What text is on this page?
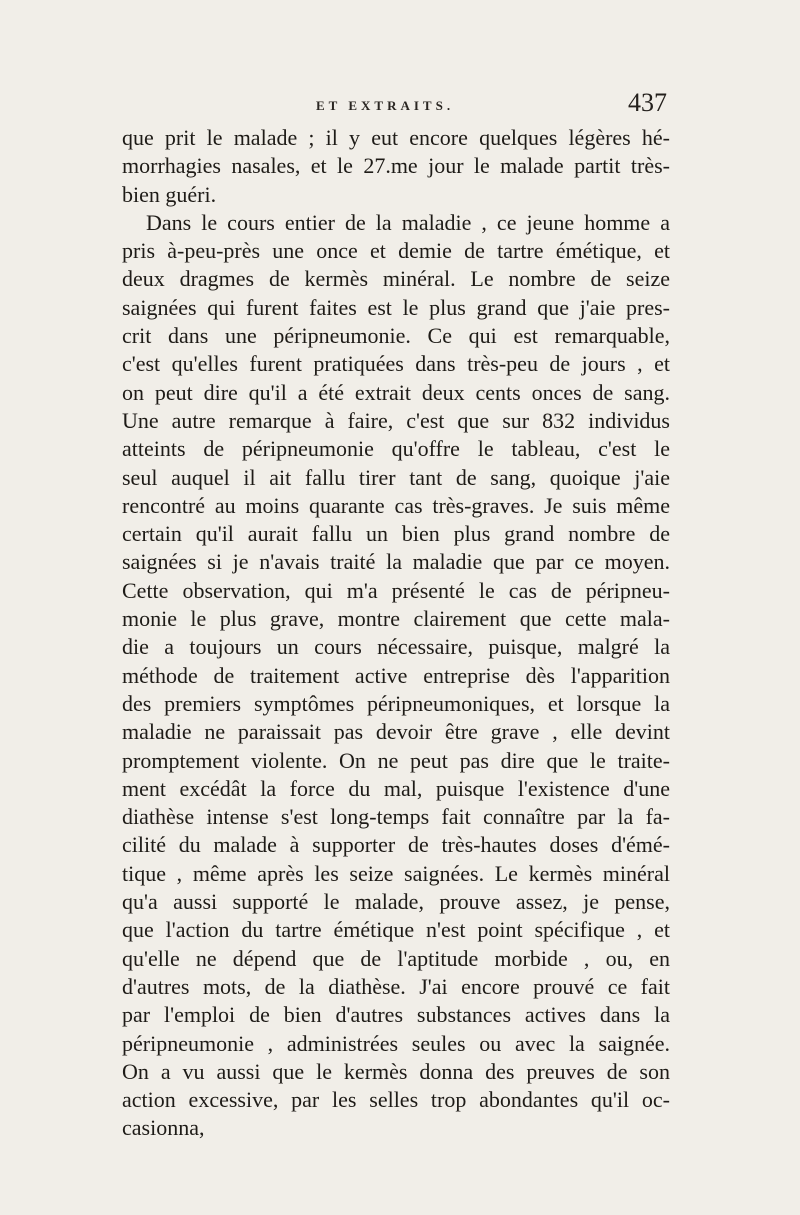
ET EXTRAITS.	437
que prit le malade ; il y eut encore quelques légères hé-
morrhagies nasales, et le 27.me jour le malade partit très-
bien guéri.
Dans le cours entier de la maladie , ce jeune homme a
pris à-peu-près une once et demie de tartre émétique, et
deux dragmes de kermès minéral. Le nombre de seize
saignées qui furent faites est le plus grand que j'aie pres-
crit dans une péripneumonie. Ce qui est remarquable,
c'est qu'elles furent pratiquées dans très-peu de jours , et
on peut dire qu'il a été extrait deux cents onces de sang.
Une autre remarque à faire, c'est que sur 832 individus
atteints de péripneumonie qu'offre le tableau, c'est le
seul auquel il ait fallu tirer tant de sang, quoique j'aie
rencontré au moins quarante cas très-graves. Je suis même
certain qu'il aurait fallu un bien plus grand nombre de
saignées si je n'avais traité la maladie que par ce moyen.
Cette observation, qui m'a présenté le cas de péripneu-
monie le plus grave, montre clairement que cette mala-
die a toujours un cours nécessaire, puisque, malgré la
méthode de traitement active entreprise dès l'apparition
des premiers symptômes péripneumoniques, et lorsque la
maladie ne paraissait pas devoir être grave , elle devint
promptement violente. On ne peut pas dire que le traite-
ment excédât la force du mal, puisque l'existence d'une
diathèse intense s'est long-temps fait connaître par la fa-
cilité du malade à supporter de très-hautes doses d'émé-
tique , même après les seize saignées. Le kermès minéral
qu'a aussi supporté le malade, prouve assez, je pense,
que l'action du tartre émétique n'est point spécifique , et
qu'elle ne dépend que de l'aptitude morbide , ou, en
d'autres mots, de la diathèse. J'ai encore prouvé ce fait
par l'emploi de bien d'autres substances actives dans la
péripneumonie , administrées seules ou avec la saignée.
On a vu aussi que le kermès donna des preuves de son
action excessive, par les selles trop abondantes qu'il oc-
casionna,
